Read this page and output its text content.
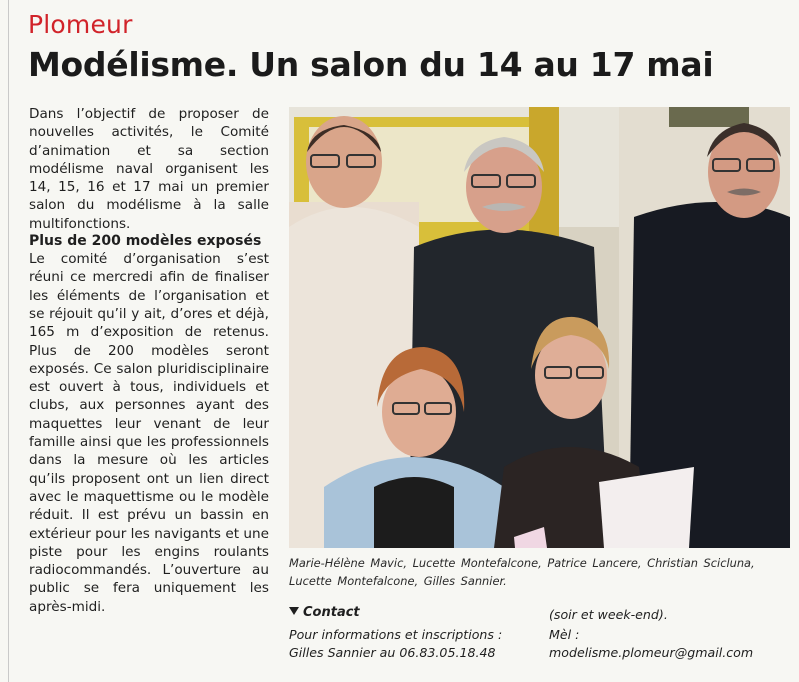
Plomeur
Modélisme. Un salon du 14 au 17 mai

Dans l’objectif de proposer de nouvelles activités, le Comité d’animation et sa section modélisme naval organisent les 14, 15, 16 et 17 mai un premier salon du modélisme à la salle multifonctions.

Plus de 200 modèles exposés

Le comité d’organisation s’est réuni ce mercredi afin de finaliser les éléments de l’organisation et se réjouit qu’il y ait, d’ores et déjà, 165 m d’exposition de retenus. Plus de 200 modèles seront exposés. Ce salon pluridisciplinaire est ouvert à tous, individuels et clubs, aux personnes ayant des maquettes leur venant de leur famille ainsi que les professionnels dans la mesure où les articles qu’ils proposent ont un lien direct avec le maquettisme ou le modèle réduit. Il est prévu un bassin en extérieur pour les navigants et une piste pour les engins roulants radiocommandés. L’ouverture au public se fera uniquement les après-midi.

Marie-Hélène Mavic, Lucette Montefalcone, Patrice Lancere, Christian Scicluna,
Lucette Montefalcone, Gilles Sannier.
Contact
Pour informations et inscriptions :
Gilles Sannier au 06.83.05.18.48
(soir et week-end).
Mèl :
modelisme.plomeur@gmail.com
